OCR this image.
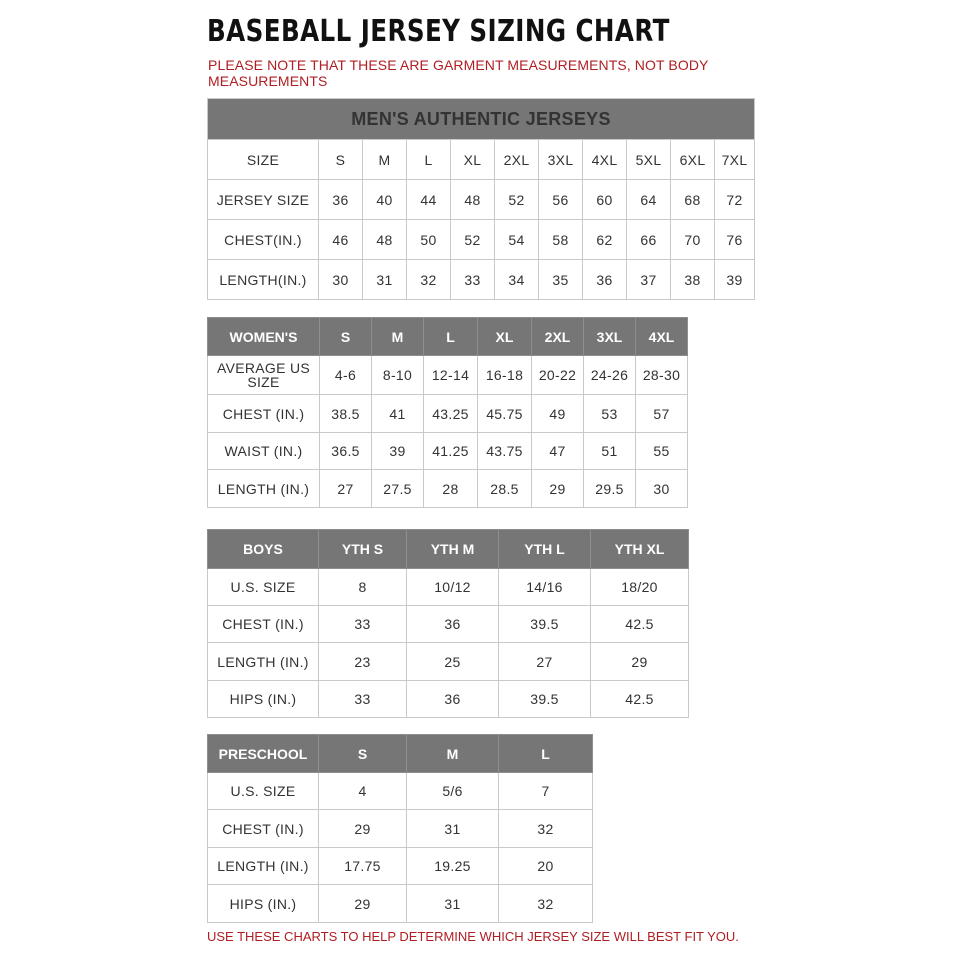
BASEBALL JERSEY SIZING CHART
PLEASE NOTE THAT THESE ARE GARMENT MEASUREMENTS, NOT BODY MEASUREMENTS
MEN'S AUTHENTIC JERSEYS										
SIZE	S	M	L	XL	2XL	3XL	4XL	5XL	6XL	7XL
JERSEY SIZE	36	40	44	48	52	56	60	64	68	72
CHEST(IN.)	46	48	50	52	54	58	62	66	70	76
LENGTH(IN.)	30	31	32	33	34	35	36	37	38	39
WOMEN'S	S	M	L	XL	2XL	3XL	4XL
AVERAGE US SIZE	4-6	8-10	12-14	16-18	20-22	24-26	28-30
CHEST (IN.)	38.5	41	43.25	45.75	49	53	57
WAIST (IN.)	36.5	39	41.25	43.75	47	51	55
LENGTH (IN.)	27	27.5	28	28.5	29	29.5	30
BOYS	YTH S	YTH M	YTH L	YTH XL
U.S. SIZE	8	10/12	14/16	18/20
CHEST (IN.)	33	36	39.5	42.5
LENGTH (IN.)	23	25	27	29
HIPS (IN.)	33	36	39.5	42.5
PRESCHOOL	S	M	L
U.S. SIZE	4	5/6	7
CHEST (IN.)	29	31	32
LENGTH (IN.)	17.75	19.25	20
HIPS (IN.)	29	31	32
USE THESE CHARTS TO HELP DETERMINE WHICH JERSEY SIZE WILL BEST FIT YOU.
